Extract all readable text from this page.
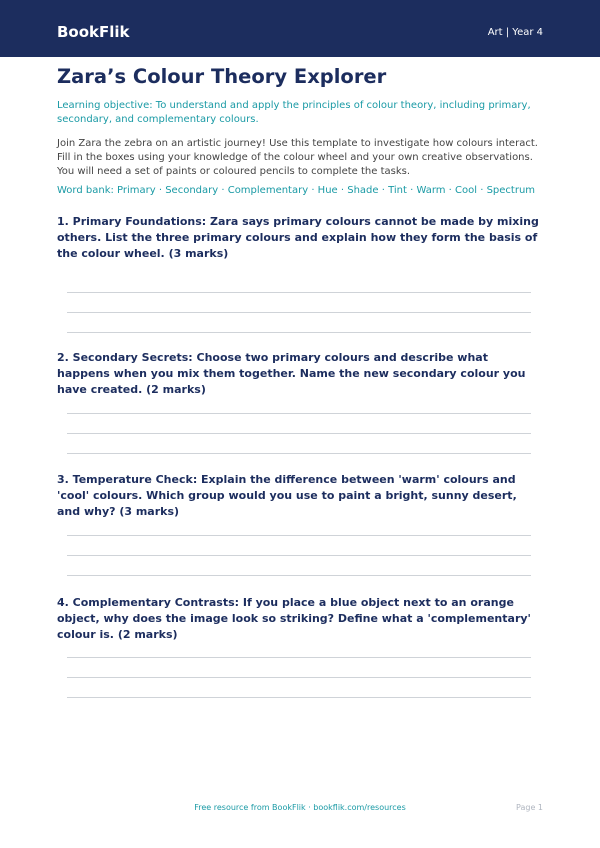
BookFlik	Art | Year 4
Zara’s Colour Theory Explorer

Learning objective: To understand and apply the principles of colour theory, including primary, secondary, and complementary colours.

Join Zara the zebra on an artistic journey! Use this template to investigate how colours interact. Fill in the boxes using your knowledge of the colour wheel and your own creative observations. You will need a set of paints or coloured pencils to complete the tasks.

Word bank: Primary · Secondary · Complementary · Hue · Shade · Tint · Warm · Cool · Spectrum

1. Primary Foundations: Zara says primary colours cannot be made by mixing others. List the three primary colours and explain how they form the basis of the colour wheel. (3 marks)

2. Secondary Secrets: Choose two primary colours and describe what happens when you mix them together. Name the new secondary colour you have created. (2 marks)

3. Temperature Check: Explain the difference between 'warm' colours and 'cool' colours. Which group would you use to paint a bright, sunny desert, and why? (3 marks)

4. Complementary Contrasts: If you place a blue object next to an orange object, why does the image look so striking? Define what a 'complementary' colour is. (2 marks)

Free resource from BookFlik · bookflik.com/resources	Page 1
